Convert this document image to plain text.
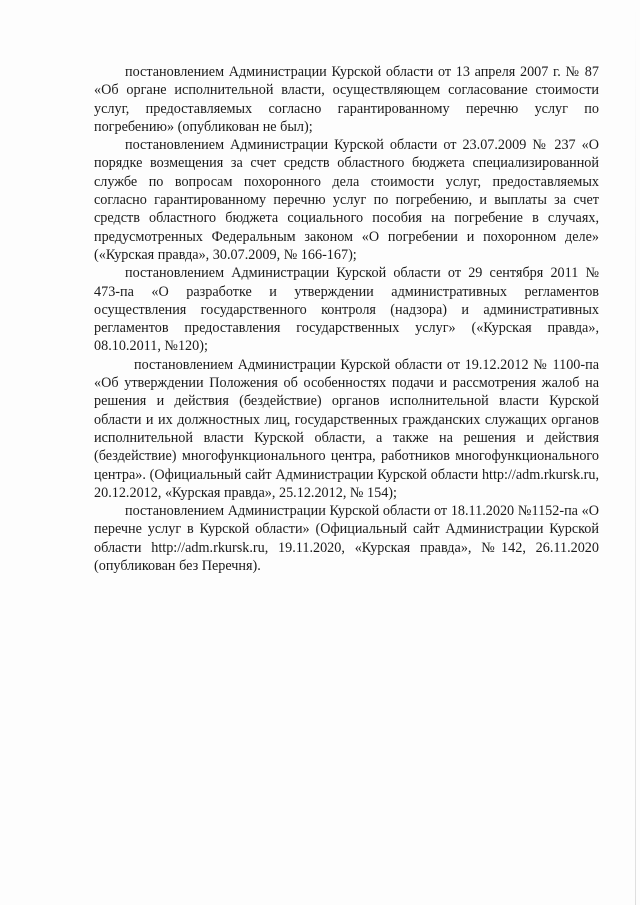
постановлением Администрации Курской области от 13 апреля 2007 г. № 87 «Об органе исполнительной власти, осуществляющем согласование стоимости услуг, предоставляемых согласно гарантированному перечню услуг по погребению» (опубликован не был);

постановлением Администрации Курской области от 23.07.2009 № 237 «О порядке возмещения за счет средств областного бюджета специализированной службе по вопросам похоронного дела стоимости услуг, предоставляемых согласно гарантированному перечню услуг по погребению, и выплаты за счет средств областного бюджета социального пособия на погребение в случаях, предусмотренных Федеральным законом «О погребении и похоронном деле» («Курская правда», 30.07.2009, № 166-167);

постановлением Администрации Курской области от 29 сентября 2011 № 473-па «О разработке и утверждении административных регламентов осуществления государственного контроля (надзора) и административных регламентов предоставления государственных услуг» («Курская правда», 08.10.2011, №120);

постановлением Администрации Курской области от 19.12.2012 № 1100-па «Об утверждении Положения об особенностях подачи и рассмотрения жалоб на решения и действия (бездействие) органов исполнительной власти Курской области и их должностных лиц, государственных гражданских служащих органов исполнительной власти Курской области, а также на решения и действия (бездействие) многофункционального центра, работников многофункционального центра». (Официальный сайт Администрации Курской области http://adm.rkursk.ru, 20.12.2012, «Курская правда», 25.12.2012, № 154);

постановлением Администрации Курской области от 18.11.2020 №1152-па «О перечне услуг в Курской области» (Официальный сайт Администрации Курской области http://adm.rkursk.ru, 19.11.2020, «Курская правда», №142, 26.11.2020 (опубликован без Перечня).
